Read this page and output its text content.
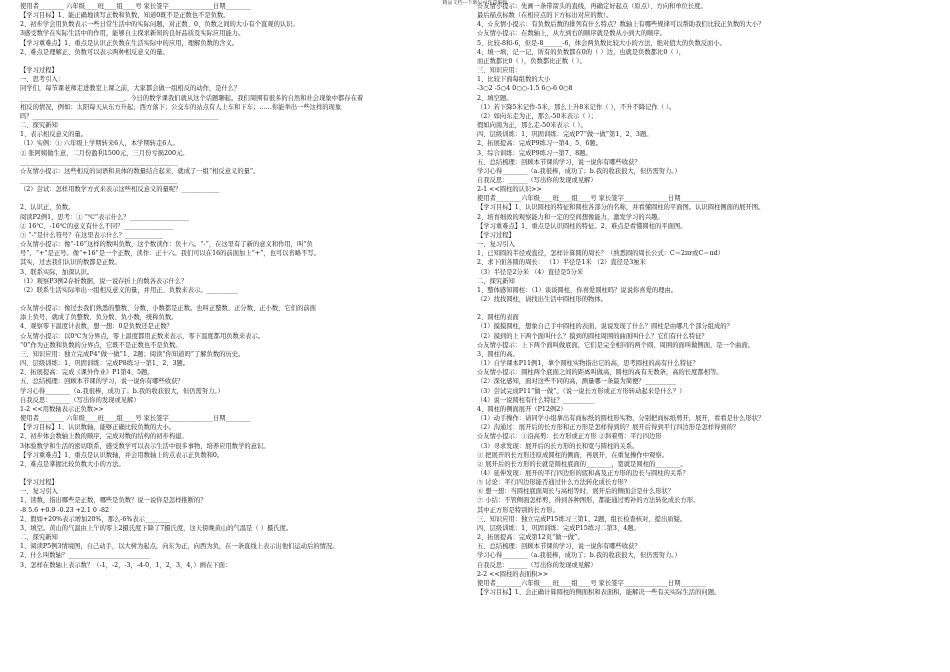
精品文档---下载后可任意编辑
使用者________ 六年级____班____组____号 家长签字______________日期________
【学习目标】1、能正确地读写正数和负数，知道0既不是正数也不是负数。
2、初步学会用负数表示一些日常生活中的实际问题，对正数、0、负数之间的大小有个直观的认识。
3感受数学在实际生活中的作用，能够自主探求新知的良好品质及实际应用能力。
【学习重难点】1、重点是认识正负数在生活实际中的应用，理解负数的含义。
2、难点是理解正、负数可以表示两种相反意义的量。

【学习过程】
一、思考引入：
同学们，每节课老师走进教室上课之前，大家都会做一组相反的动作，是什么？
_________________________________，今日的数学课我们就从这个话题聊起。我们周围有很多的自然和社会现象中都存在着
相反的情况，例如：太阳每天从东方升起，西方落下；公交车的站点有人上车和下车；……你能举出一些这样的现象
吗？___________________________________________________________
二、探究新知
1、表示相反意义的量。
（1）实例：① 六年级上学期转来6人，本学期转走6人。
② 张阿姨做生意，二月份盈利1500元，三月份亏损200元。
__________________________________________________
☆友情小提示：这些相反的词语和具体的数量结合起来，就成了一组“相反意义的量”。
__________________________________________________
（2）尝试：怎样用数学方式来表示这些相反意义的量呢？____________

2、认识正、负数。
阅读P2例1，思考：① “℃”表示什么？___________________
② 16℃、-16℃的意义有什么不同？________________
③ “-”是什么符号？在这里表示什么？____________
☆友情小提示：像“-16”这样的数叫负数，这个数读作：负十六。“-”，在这里有了新的意义和作用，叫“负
号”，“+”是正号。像“+16”是一个正数，读作：正十六。我们可以在16的前面加上“+”，也可以省略不写。
其实，过去我们认识的数都是正数。
3、联系实际，加深认识。
（1）观察P3例2存折数据，说一说存折上的数各表示什么？
（2）联系生活实际举出一组相反意义的量，并用正、负数来表示。__________

☆友情小提示：像过去我们熟悉的整数、分数、小数都是正数。也叫正整数、正分数、正小数，它们的前面
添上负号，就成了负整数、负分数、负小数，统称负数。
4、观察零下温度计表数，想一想：0是负数还是正数？
☆友情小提示：以0℃为分界点，零上温度都用正数来表示，零下温度都用负数来表示。
“0”作为正数和负数的分界点，它既不是正数也不是负数。
三、知识应用：独立完成P4“做一做”1、2题；阅读“你知道吗”了解负数的历史。
四、层级训练：1、巩固训练：完成P8练习一第1、2、3题。
2、拓展提高：完成《课外作业》P1第4、5题。
五、总结梳理：回顾本节课的学习，说一说你有哪些收获？
学习心得________（a.我很棒，成功了；b.我的收获很大，但仍需努力。）
自我反思：______（写出你的发现或见解）
1-2 <<用数轴表示正负数>>
使用者________ 六年级____班____组____号 家长签字______________日期________
【学习目标】1、认识数轴，能够正确比较负数的大小。
2、初步体会数轴上数的顺序，完成对数的结构的初步构建。
3体验数学和生活的密切联系，感受数学可以表示生活中很多事物，培养应用数学的意识。
【学习重难点】1、重点是认识数轴，并会用数轴上的点表示正负数和0。
2、难点是掌握比较负数大小的方法。

【学习过程】
一、复习引入
1、读数，指出哪些是正数，哪些是负数？说一说你是怎样推断的？
-8 5.6 +0.9 -0.23 +2.1 0 -82
2、假如+20%表示增加20%，那么-6%表示________
3、填空。黄山的气温由上午的零上2摄氏度下降了7摄氏度，这天傍晚黄山的气温是（ ）摄氏度。
二、探究新知
1、阅读P5例3情境图，自己动手，以大树为起点，向东为正，向西为负，在一条直线上表示出他们运动后的情况。
2、什么叫数轴？__________________________
3、怎样在数轴上表示数？（-1，-2，-3，-4-0，1，2，3，4，）画在下面：
☆友情小提示：先画一条带箭头的直线，再确定好起点（原点）、方向和单位长度。
最后描点标数（在相应点的下方标出对应的数）。
4、☆友情小提示：有负数后数的排列有什么特点？数轴上有哪些规律可以帮助我们比较正负数的大小？
☆友情小提示：在数轴上，从左到右的顺序就是数从小到大的顺序。
5、比较-8和-6，但是-8______-6，体会两负数比较大小的方法，绝对值大的负数反而小。
4、填一填，记一记，所有的负数都在0的（ ）边，也就是负数都比0（ ），
而正数都比0（ ），负数都比正数（ ）。
三、知识应用：
1、比较下面每组数的大小
-3○2 -5○4 0○○-1.5 6○-6 0○8
2、填空题。
（1）若下降5米记作-5米，那么上升8米记作（ ），不升不降记作（ ）。
（2）如向东走为正，那么-50米表示（ ）；
假如向南为正，那么走-50米表示（ ）。
四、层级训练：1、巩固训练：完成P7“做一做”第1、2、3题。
2、拓展提高：完成P9练习一第4、5、6题。
3、综合训练：完成P9练习一第7、8题。
五、总结梳理：回顾本节课的学习，说一说你有哪些收获？
学习心得________（a.我很棒，成功了；b.我的收获很大，但仍需努力。）
自我反思：______（写出你的发现或见解）
2-1 <<圆柱的认识>>
使用者________六年级____班____组____号 家长签字______________日期________
【学习目标】1、认识圆柱的特征和圆柱各部分的名称，并看懂圆柱的平面图。认识圆柱侧面的展开图。
2、培育细致的观察能力和一定的空间想像能力，激发学习的兴趣。
【学习重难点】1、重点是认识圆柱的特征。2、难点是看懂圆柱的平面图。
【学习过程】
一、复习引入
1、已知圆的半径或直径，怎样计算圆的周长？（熟悉圆的周长公式：C＝2πr或C＝πd）
2、求下面各圆的周长： （1）半径是1米 （2）直径是3厘米
（3）半径是2分米 （4）直径是5分米
二、探究新知
1、整体感知圆柱：（1）谈谈圆柱，你喜爱圆柱吗？说说你喜爱的理由。
（2）找找圆柱，请找出生活中圆柱形的物体。

2、圆柱的表面
（1）摸摸圆柱，想象自己手中圆柱的表面，说说发现了什么？圆柱是由哪几个部分组成的？
（2）摸到的上下两个面叫什么？摸到的圆柱周围的曲面叫什么？它们有什么特征？
☆友情小提示：上下两个面叫做底面，它们是完全相同的两个圆，周围的面叫做侧面，是一个曲面。
3、圆柱的高。
（1）自学课本P11例1，拿个圆柱实物指出它的高，思考圆柱的高有什么特征？
☆友情小提示：圆柱两个底面之间的距离叫做高，圆柱的高有无数条，高的长度都相等。
（2）深化感知，面对这些不同的高，测量哪一条最为简便？__________
（3）尝试完成P11“做一做”。（说一说长方形或正方形转动起来是什么？）
（4）说一说圆柱有什么特征？__________
4、圆柱的侧面展开（P12例2）
（1）动手操作：请同学小组拿出有商标纸的圆柱形实物，分别把商标纸剪开，展开，看看是什么形状？
（2）沟通过：展开后的长方形和正方形是怎样得到的？展开后得到平行四边形是怎样得到的？
☆友情小提示：①沿高剪：长方形或正方形 ②斜着剪：平行四边形
（3）寻求发现：展开后的长方形的长和宽与圆柱的关系。
① 把展开的长方形还原成圆柱的侧面，再展开，在重复操作中观察。
② 展开后的长方形的长就是圆柱底面的________，宽就是圆柱的________。
（4）延伸发现：展开的平行四边形的底和高及正方形的边长与圆柱的关系？
⑤ 讨论：平行四边形能否通过什么方法转化成长方形？
⑥ 想一想：当圆柱底面周长与高相等时，展开后的侧面会是什么形状？
⑦ 小结：不管侧面怎样剪，得到各种图形，都能通过剪补的方法转化成长方形。
其中正方形是特别的长方形。
三、知识应用：独立完成P15练习三第1、2题，组长检查核对，提出质疑。
四、层级训练：1、巩固训练：完成P15练习二第3、4题。
2、拓展提高：完成第12页“做一做”。
五、总结梳理：回顾本节课的学习，说一说你有哪些收获？
学习心得________（a.我很棒，成功了；b.我的收获很大，但仍需努力。）
自我反思：______（写出你的发现或见解）
2-2 <<圆柱的表面积>>
使用者________六年级____班____组____号 家长签字______________日期________
【学习目标】1、会正确计算圆柱的侧面积和表面积，能解决一些有关实际生活的问题。
